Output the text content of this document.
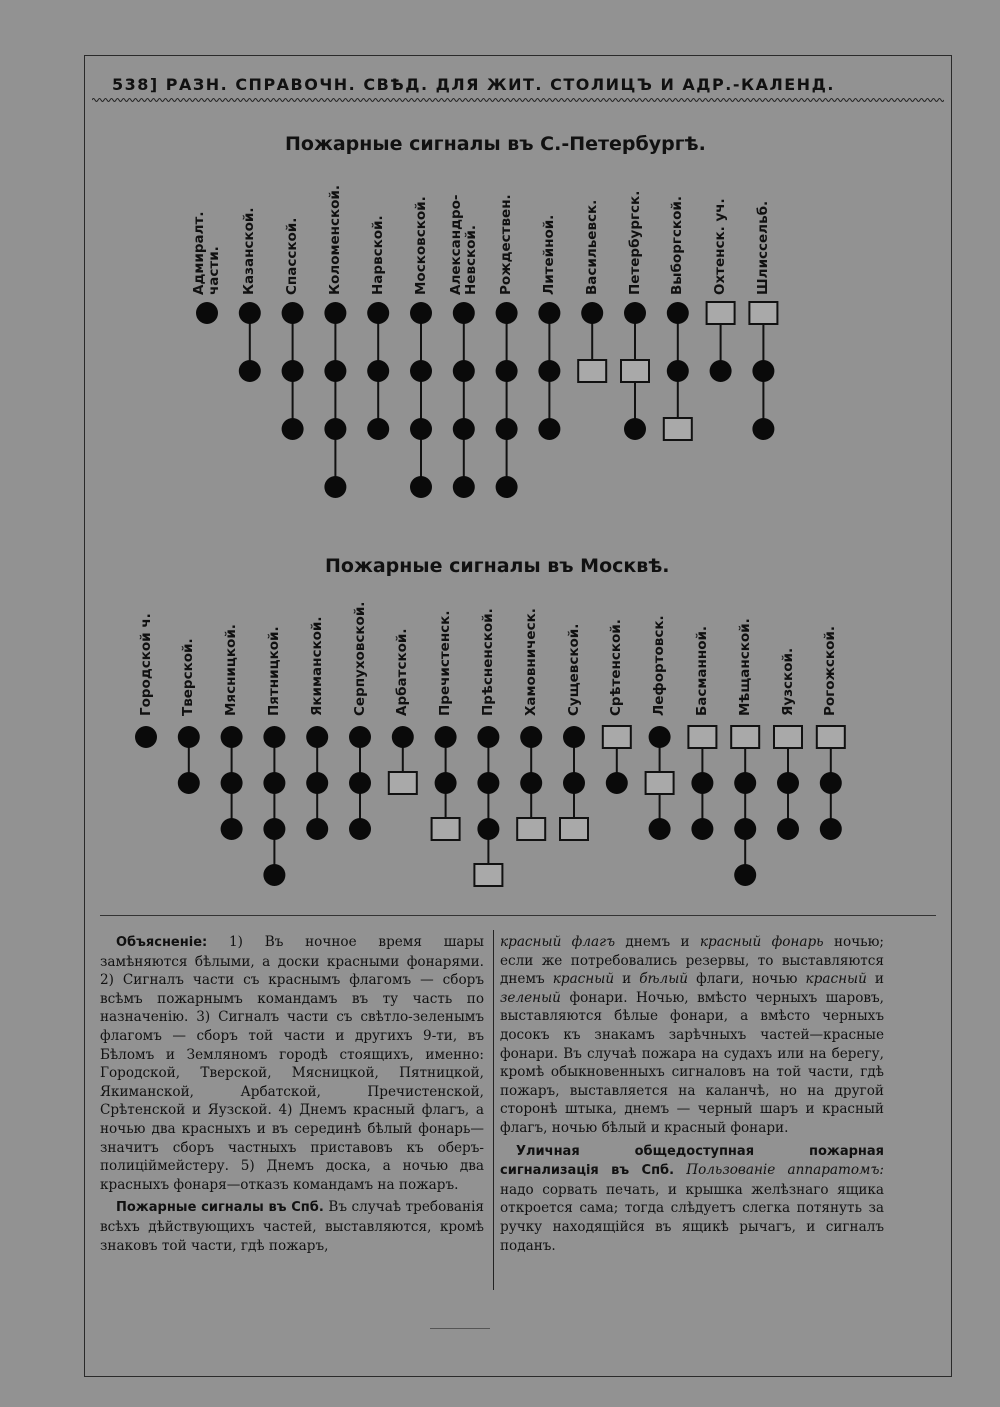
538] РАЗН. СПРАВОЧН. СВѢД. ДЛЯ ЖИТ. СТОЛИЦЪ И АДР.-КАЛЕНД.
Пожарные сигналы въ С.-Петербургѣ.
Пожарные сигналы въ Москвѣ.
Адмиралт.
части. Казанской. Спасской. Коломенской. Нарвской. Московской. Александро-
Невской. Рождествен. Литейной. Васильевск. Петербургск. Выборгской. Охтенск. уч. Шлиссельб.
Городской ч. Тверской. Мясницкой. Пятницкой. Якиманской. Серпуховской. Арбатской. Пречистенск. Прѣсненской. Хамовническ. Сущевской. Срѣтенской. Лефортовск. Басманной. Мѣщанской. Яузской. Рогожской.

Объясненіе: 1) Въ ночное время шары замѣняются бѣлыми, а доски красными фонарями. 2) Сигналъ части съ краснымъ флагомъ — сборъ всѣмъ пожарнымъ командамъ въ ту часть по назначенію. 3) Сигналъ части съ свѣтло-зеленымъ флагомъ — сборъ той части и другихъ 9-ти, въ Бѣломъ и Земляномъ городѣ стоящихъ, именно: Городской, Тверской, Мясницкой, Пятницкой, Якиманской, Арбатской, Пречистенской, Срѣтенской и Яузской. 4) Днемъ красный флагъ, а ночью два красныхъ и въ серединѣ бѣлый фонарь—значитъ сборъ частныхъ приставовъ къ оберъ-полиціймейстеру. 5) Днемъ доска, а ночью два красныхъ фонаря—отказъ командамъ на пожаръ.

Пожарные сигналы въ Спб. Въ случаѣ требованія всѣхъ дѣйствующихъ частей, выставляются, кромѣ знаковъ той части, гдѣ пожаръ,

красный флагъ днемъ и красный фонарь ночью; если же потребовались резервы, то выставляются днемъ красный и бѣлый флаги, ночью красный и зеленый фонари. Ночью, вмѣсто черныхъ шаровъ, выставляются бѣлые фонари, а вмѣсто черныхъ досокъ къ знакамъ зарѣчныхъ частей—красные фонари. Въ случаѣ пожара на судахъ или на берегу, кромѣ обыкновенныхъ сигналовъ на той части, гдѣ пожаръ, выставляется на каланчѣ, но на другой сторонѣ штыка, днемъ — черный шаръ и красный флагъ, ночью бѣлый и красный фонари.

Уличная общедоступная пожарная сигнализація въ Спб. Пользованіе аппаратомъ: надо сорвать печать, и крышка желѣзнаго ящика откроется сама; тогда слѣдуетъ слегка потянуть за ручку находящійся въ ящикѣ рычагъ, и сигналъ поданъ.
